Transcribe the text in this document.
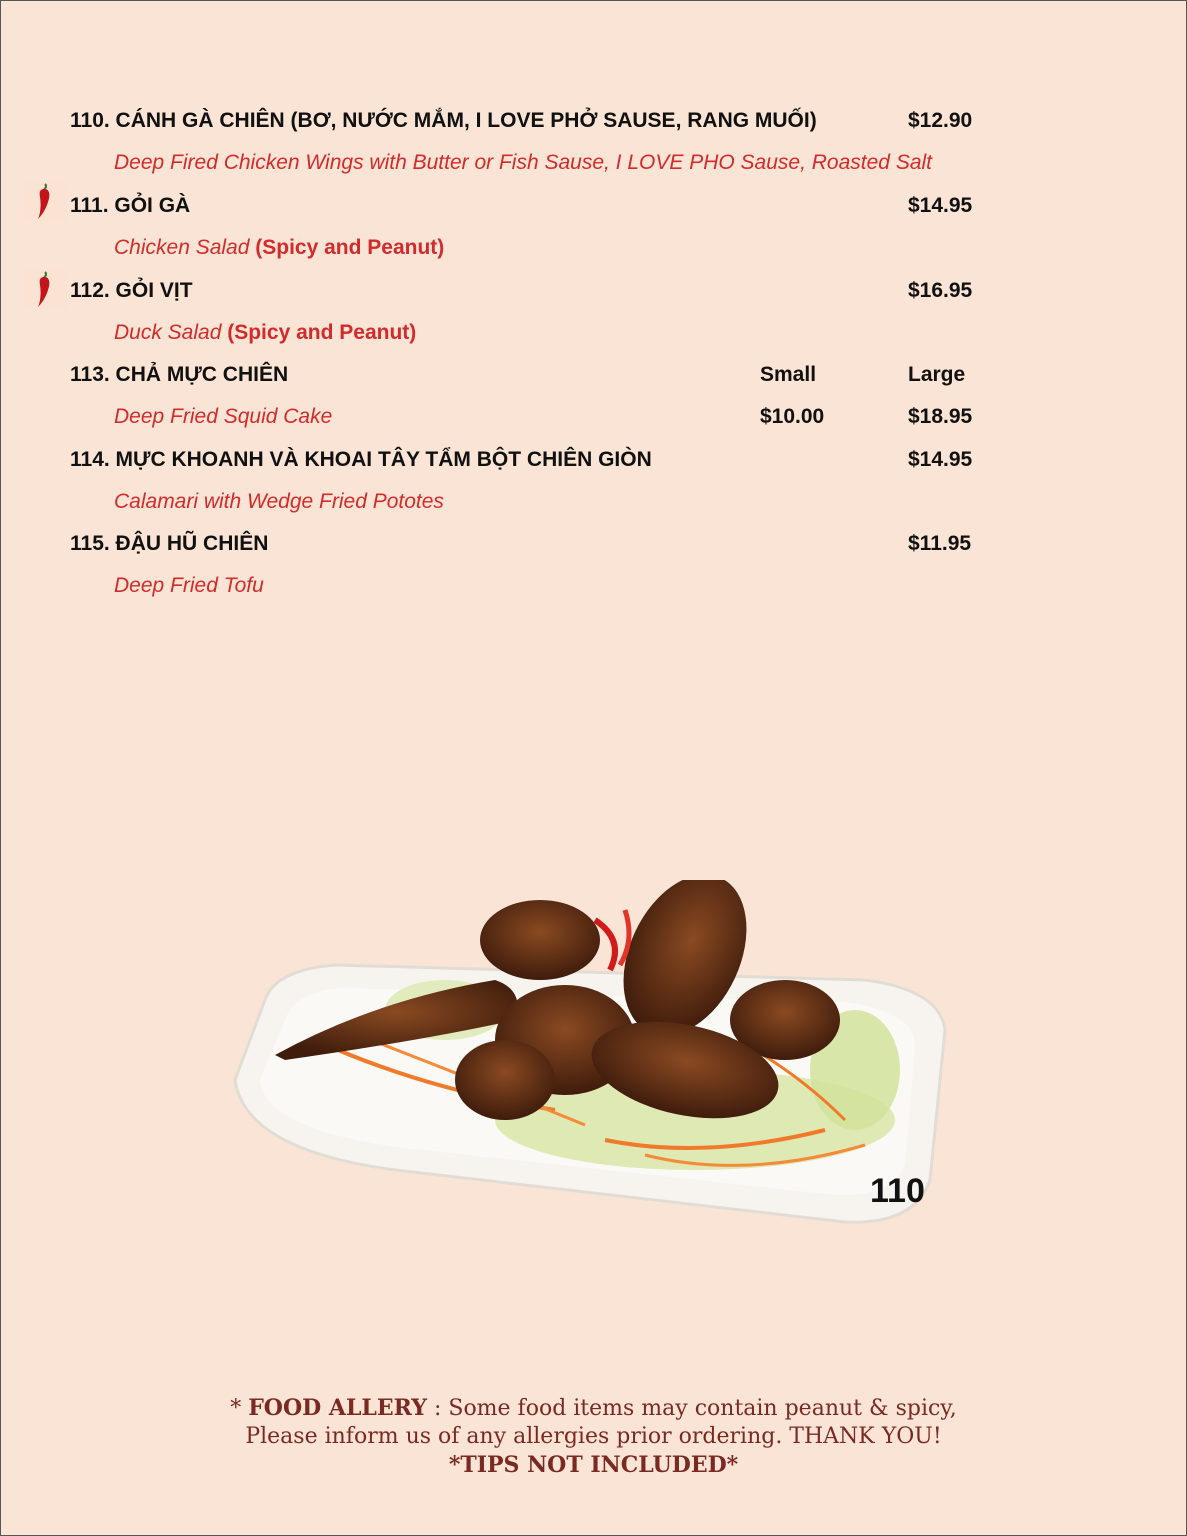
110. CÁNH GÀ CHIÊN (BƠ, NƯỚC MẮM, I LOVE PHỞ SAUSE, RANG MUỐI)	$12.90
Deep Fired Chicken Wings with Butter or Fish Sause, I LOVE PHO Sause, Roasted Salt
111. GỎI GÀ	$14.95
Chicken Salad (Spicy and Peanut)
112. GỎI VỊT	$16.95
Duck Salad (Spicy and Peanut)
113. CHẢ MỰC CHIÊN	Small	Large
Deep Fried Squid Cake	$10.00	$18.95
114. MỰC KHOANH VÀ KHOAI TÂY TẨM BỘT CHIÊN GIÒN	$14.95
Calamari with Wedge Fried Pototes
115. ĐẬU HŨ CHIÊN	$11.95
Deep Fried Tofu
110
* FOOD ALLERY : Some food items may contain peanut & spicy,
Please inform us of any allergies prior ordering. THANK YOU!
*TIPS NOT INCLUDED*
